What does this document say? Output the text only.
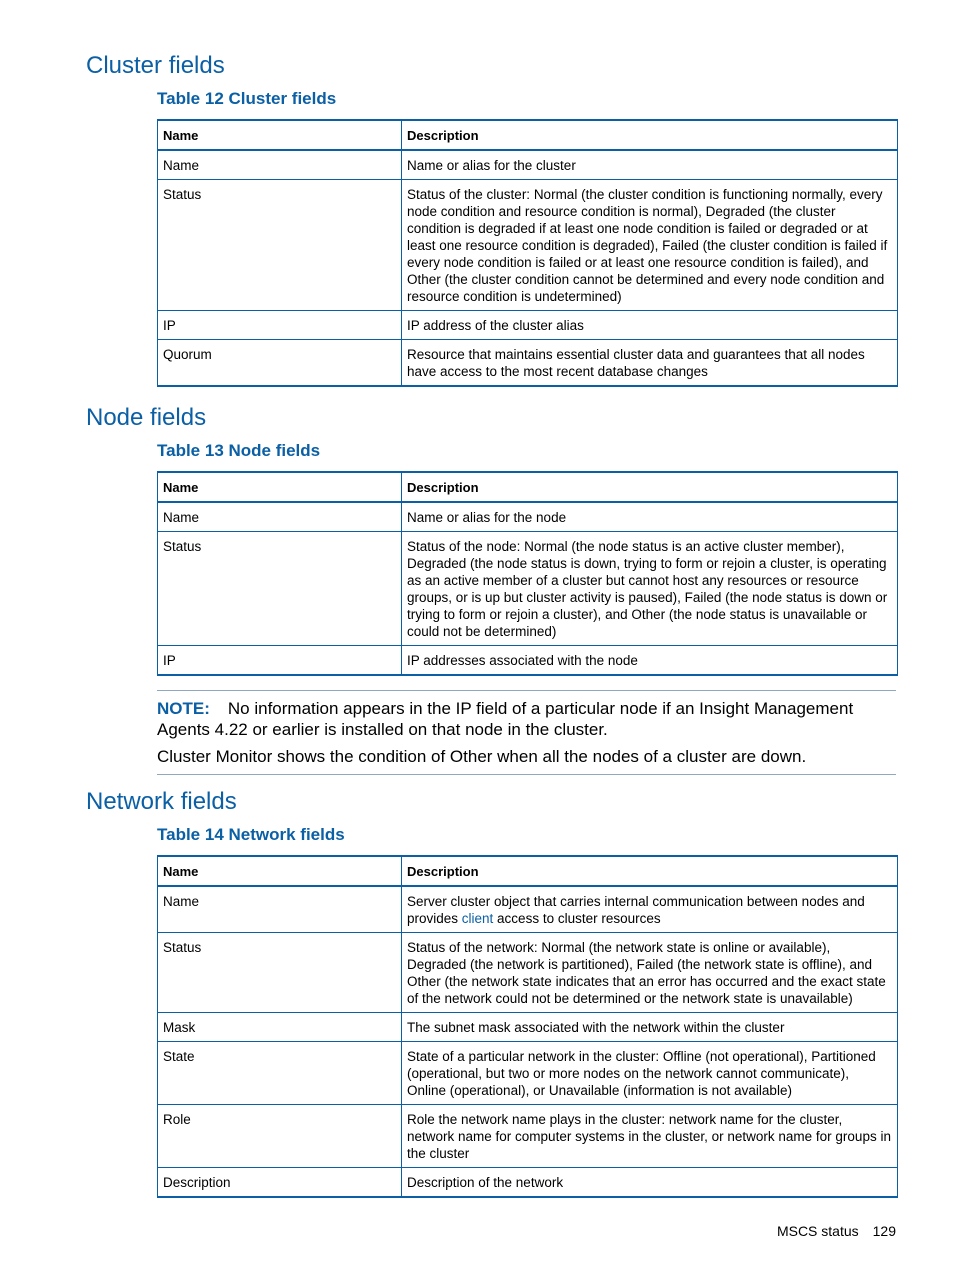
Cluster fields
Table 12 Cluster fields
Name	Description
Name	Name or alias for the cluster
Status	Status of the cluster: Normal (the cluster condition is functioning normally, every node condition and resource condition is normal), Degraded (the cluster condition is degraded if at least one node condition is failed or degraded or at least one resource condition is degraded), Failed (the cluster condition is failed if every node condition is failed or at least one resource condition is failed), and Other (the cluster condition cannot be determined and every node condition and resource condition is undetermined)
IP	IP address of the cluster alias
Quorum	Resource that maintains essential cluster data and guarantees that all nodes have access to the most recent database changes
Node fields
Table 13 Node fields
Name	Description
Name	Name or alias for the node
Status	Status of the node: Normal (the node status is an active cluster member), Degraded (the node status is down, trying to form or rejoin a cluster, is operating as an active member of a cluster but cannot host any resources or resource groups, or is up but cluster activity is paused), Failed (the node status is down or trying to form or rejoin a cluster), and Other (the node status is unavailable or could not be determined)
IP	IP addresses associated with the node

NOTE: No information appears in the IP field of a particular node if an Insight Management Agents 4.22 or earlier is installed on that node in the cluster.

Cluster Monitor shows the condition of Other when all the nodes of a cluster are down.

Network fields
Table 14 Network fields
Name	Description
Name	Server cluster object that carries internal communication between nodes and provides client access to cluster resources
Status	Status of the network: Normal (the network state is online or available), Degraded (the network is partitioned), Failed (the network state is offline), and Other (the network state indicates that an error has occurred and the exact state of the network could not be determined or the network state is unavailable)
Mask	The subnet mask associated with the network within the cluster
State	State of a particular network in the cluster: Offline (not operational), Partitioned (operational, but two or more nodes on the network cannot communicate), Online (operational), or Unavailable (information is not available)
Role	Role the network name plays in the cluster: network name for the cluster, network name for computer systems in the cluster, or network name for groups in the cluster
Description	Description of the network
MSCS status 129
